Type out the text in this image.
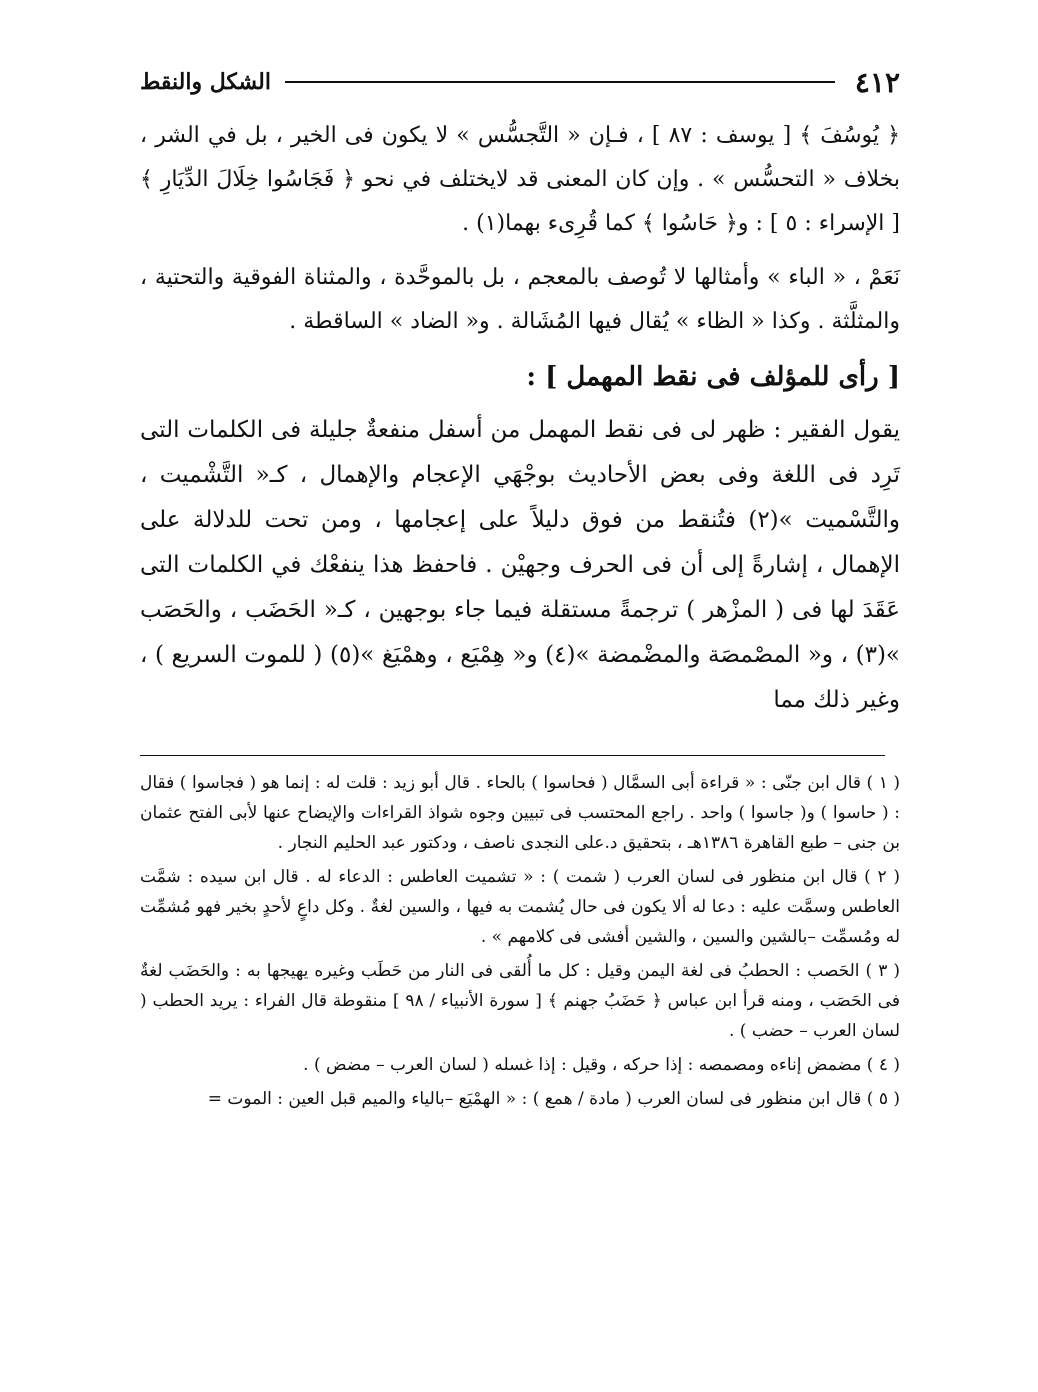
٤١٢
الشكل والنقط

﴿ يُوسُفَ ﴾ [ يوسف : ٨٧ ] ، فـإن « التَّجسُّس » لا يكون فى الخير ، بل في الشر ، بخلاف « التحسُّس » . وإن كان المعنى قد لايختلف في نحو ﴿ فَجَاسُوا خِلَالَ الدِّيَارِ ﴾ [ الإسراء : ٥ ] : و﴿ حَاسُوا ﴾ كما قُرِىء بهما(١) .

نَعَمْ ، « الباء » وأمثالها لا تُوصف بالمعجم ، بل بالموحَّدة ، والمثناة الفوقية والتحتية ، والمثلَّثة . وكذا « الظاء » يُقال فيها المُشَالة . و« الضاد » الساقطة .

[ رأى للمؤلف فى نقط المهمل ] :

يقول الفقير : ظهر لى فى نقط المهمل من أسفل منفعةٌ جليلة فى الكلمات التى تَرِد فى اللغة وفى بعض الأحاديث بوجْهَي الإعجام والإهمال ، كـ« التَّشْميت ، والتَّسْميت »(٢) فتُنقط من فوق دليلاً على إعجامها ، ومن تحت للدلالة على الإهمال ، إشارةً إلى أن فى الحرف وجهيْن . فاحفظ هذا ينفعْك في الكلمات التى عَقَدَ لها فى ( المزْهر ) ترجمةً مستقلة فيما جاء بوجهين ، كـ« الحَضَب ، والحَصَب »(٣) ، و« المصْمصَة والمضْمضة »(٤) و« هِمْيَع ، وهمْيَغ »(٥) ( للموت السريع ) ، وغير ذلك مما

( ١ ) قال ابن جنّى : « قراءة أبى السمَّال ( فحاسوا ) بالحاء . قال أبو زيد : قلت له : إنما هو ( فجاسوا ) فقال : ( حاسوا ) و( جاسوا ) واحد . راجع المحتسب فى تبيين وجوه شواذ القراءات والإيضاح عنها لأبى الفتح عثمان بن جنى – طبع القاهرة ١٣٨٦هـ ، بتحقيق د.على النجدى ناصف ، ودكتور عبد الحليم النجار .

( ٢ ) قال ابن منظور فى لسان العرب ( شمت ) : « تشميت العاطس : الدعاء له . قال ابن سيده : شمَّت العاطس وسمَّت عليه : دعا له ألا يكون فى حال يُشمت به فيها ، والسين لغةٌ . وكل داعٍ لأحدٍ بخير فهو مُشمِّت له ومُسمِّت –بالشين والسين ، والشين أفشى فى كلامهم » .

( ٣ ) الحَصب : الحطبُ فى لغة اليمن وقيل : كل ما أُلقى فى النار من حَطَب وغيره يهيجها به : والحَضَب لغةٌ فى الحَصَب ، ومنه قرأ ابن عباس ﴿ حَضَبُ جهنم ﴾ [ سورة الأنبياء / ٩٨ ] منقوطة قال الفراء : يريد الحطب ( لسان العرب – حضب ) .

( ٤ ) مضمض إناءه ومصمصه : إذا حركه ، وقيل : إذا غسله ( لسان العرب – مضض ) .

( ٥ ) قال ابن منظور فى لسان العرب ( مادة / همع ) : « الهمْيَع –بالياء والميم قبل العين : الموت =
